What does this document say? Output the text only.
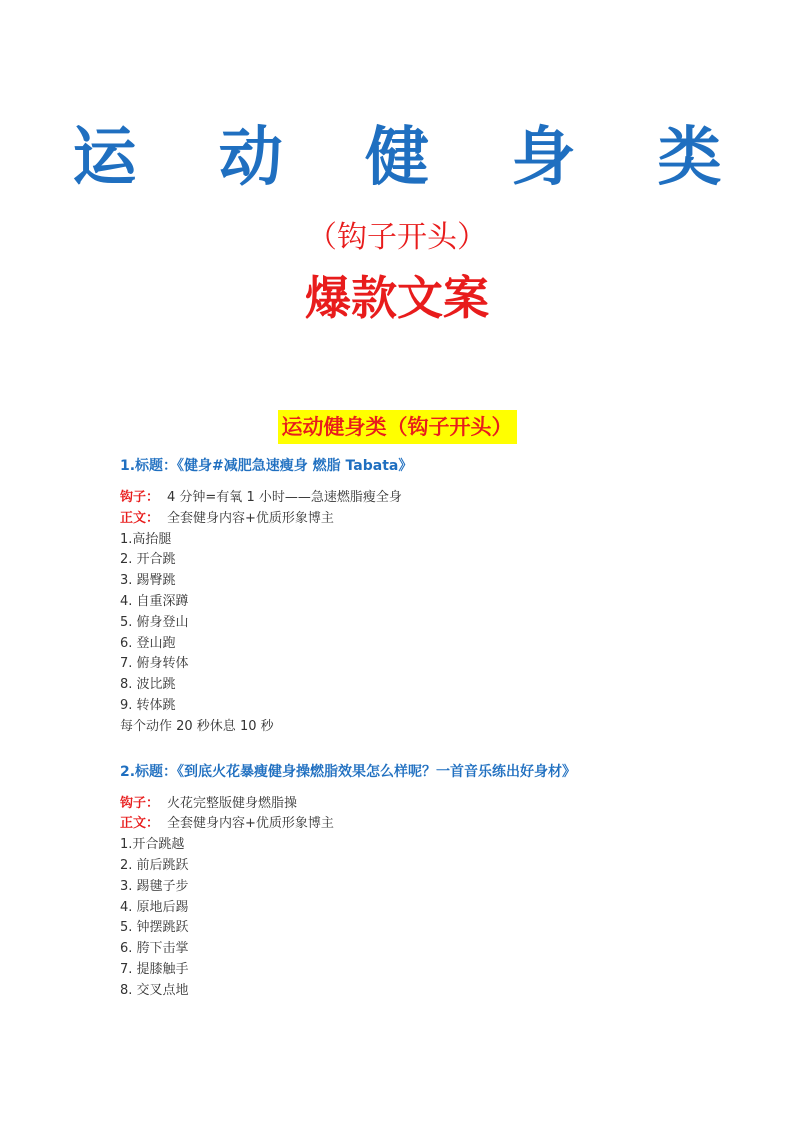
运 动 健 身 类
（钩子开头）
爆款文案
运动健身类（钩子开头）
1.标题：《健身#减肥急速瘦身 燃脂 Tabata》
钩子： 4 分钟=有氧 1 小时——急速燃脂瘦全身
正文： 全套健身内容+优质形象博主
1.高抬腿
2. 开合跳
3. 踢臀跳
4. 自重深蹲
5. 俯身登山
6. 登山跑
7. 俯身转体
8. 波比跳
9. 转体跳
每个动作 20 秒休息 10 秒
2.标题：《到底火花暴瘦健身操燃脂效果怎么样呢？一首音乐练出好身材》
钩子： 火花完整版健身燃脂操
正文： 全套健身内容+优质形象博主
1.开合跳越
2. 前后跳跃
3. 踢毽子步
4. 原地后踢
5. 钟摆跳跃
6. 胯下击掌
7. 提膝触手
8. 交叉点地
